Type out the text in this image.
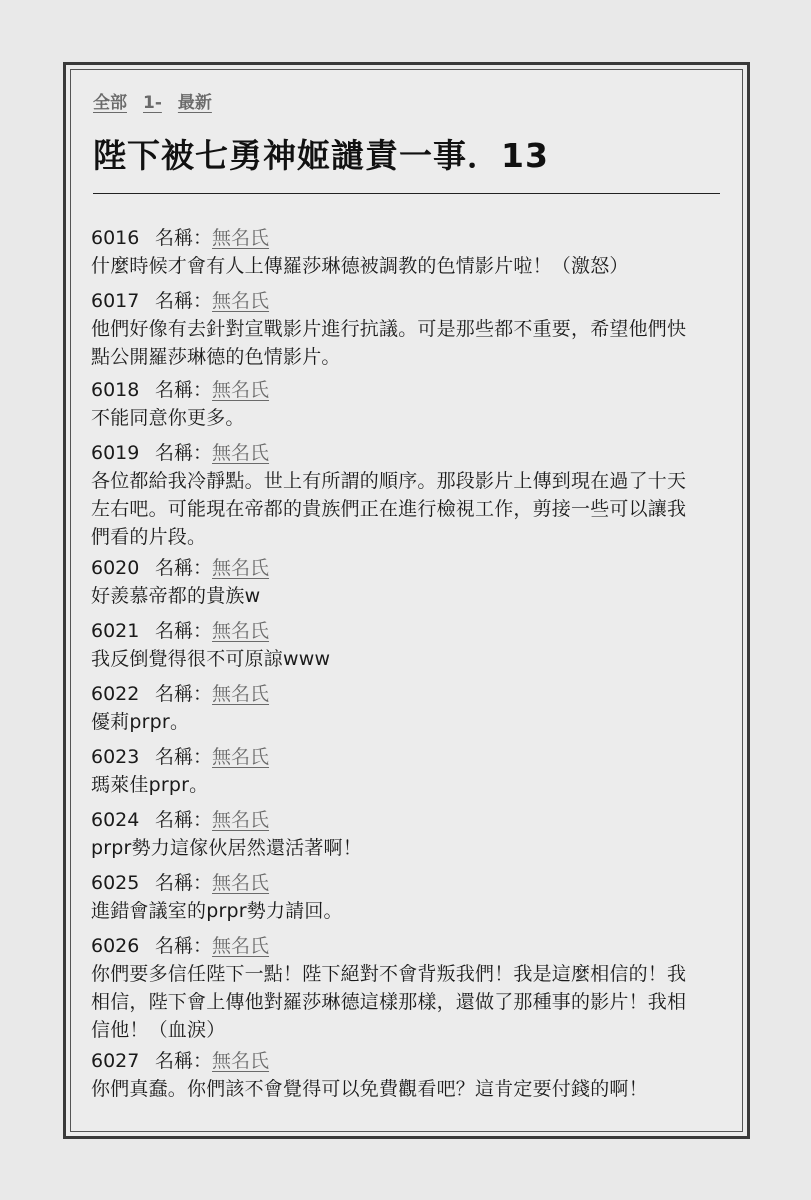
全部 1- 最新
陛下被七勇神姬譴責一事．13
6016 名稱：無名氏
什麼時候才會有人上傳羅莎琳德被調教的色情影片啦！（激怒）
6017 名稱：無名氏
他們好像有去針對宣戰影片進行抗議。可是那些都不重要，希望他們快
點公開羅莎琳德的色情影片。
6018 名稱：無名氏
不能同意你更多。
6019 名稱：無名氏
各位都給我冷靜點。世上有所謂的順序。那段影片上傳到現在過了十天
左右吧。可能現在帝都的貴族們正在進行檢視工作，剪接一些可以讓我
們看的片段。
6020 名稱：無名氏
好羨慕帝都的貴族w
6021 名稱：無名氏
我反倒覺得很不可原諒www
6022 名稱：無名氏
優莉prpr。
6023 名稱：無名氏
瑪萊佳prpr。
6024 名稱：無名氏
prpr勢力這傢伙居然還活著啊！
6025 名稱：無名氏
進錯會議室的prpr勢力請回。
6026 名稱：無名氏
你們要多信任陛下一點！陛下絕對不會背叛我們！我是這麼相信的！我
相信，陛下會上傳他對羅莎琳德這樣那樣，還做了那種事的影片！我相
信他！（血淚）
6027 名稱：無名氏
你們真蠢。你們該不會覺得可以免費觀看吧？這肯定要付錢的啊！
